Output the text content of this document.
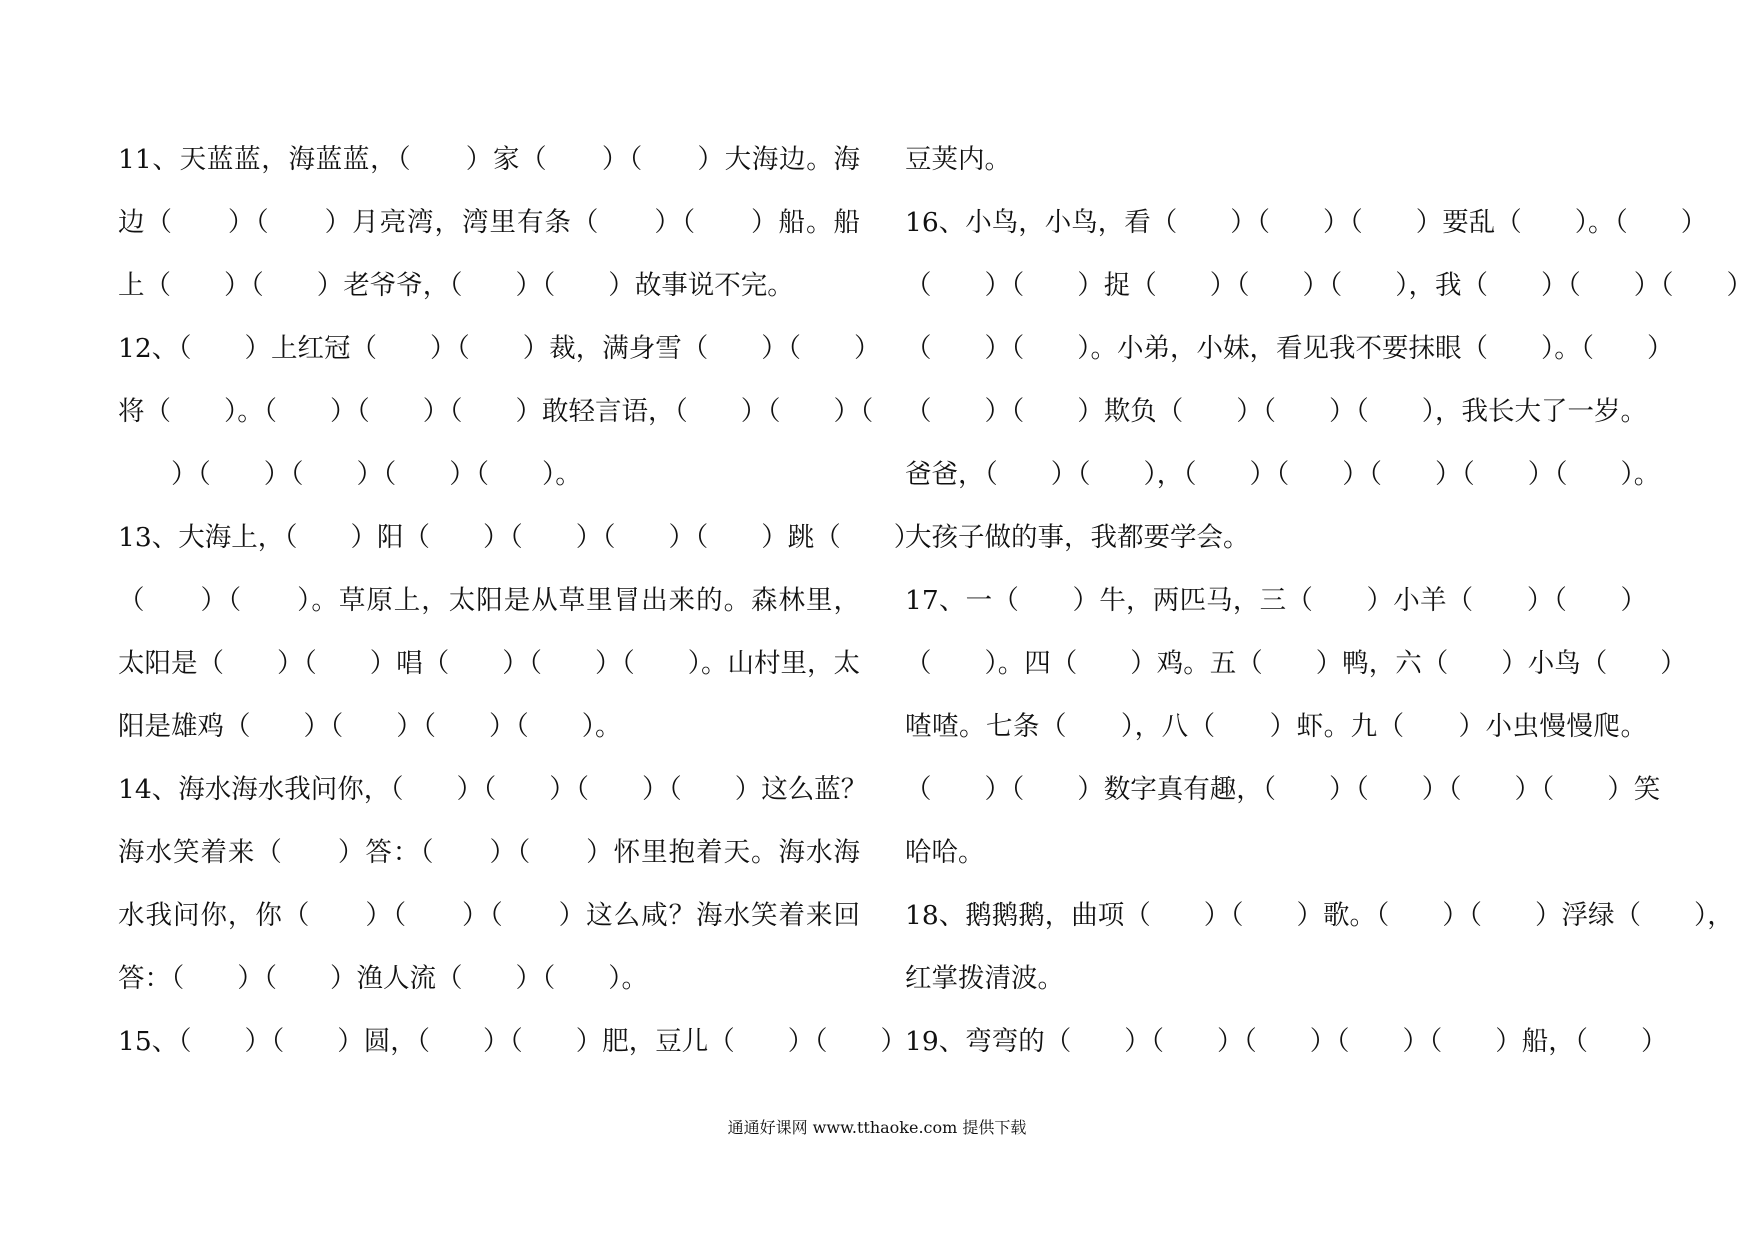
11、天蓝蓝，海蓝蓝，（　　）家（　　）（　　）大海边。海
边（　　）（　　）月亮湾，湾里有条（　　）（　　）船。船
上（　　）（　　）老爷爷，（　　）（　　）故事说不完。
12、（　　）上红冠（　　）（　　）裁，满身雪（　　）（　　）
将（　　）。（　　）（　　）（　　）敢轻言语，（　　）（　　）（
　　）（　　）（　　）（　　）（　　）。
13、大海上，（　　）阳（　　）（　　）（　　）（　　）跳（　　）
（　　）（　　）。草原上，太阳是从草里冒出来的。森林里，
太阳是（　　）（　　）唱（　　）（　　）（　　）。山村里，太
阳是雄鸡（　　）（　　）（　　）（　　）。
14、海水海水我问你，（　　）（　　）（　　）（　　）这么蓝？
海水笑着来（　　）答：（　　）（　　）怀里抱着天。海水海
水我问你，你（　　）（　　）（　　）这么咸？海水笑着来回
答：（　　）（　　）渔人流（　　）（　　）。
15、（　　）（　　）圆，（　　）（　　）肥，豆儿（　　）（　　）
豆荚内。
16、小鸟，小鸟，看（　　）（　　）（　　）要乱（　　）。（　　）
（　　）（　　）捉（　　）（　　）（　　），我（　　）（　　）（　　）
（　　）（　　）。小弟，小妹，看见我不要抹眼（　　）。（　　）
（　　）（　　）欺负（　　）（　　）（　　），我长大了一岁。
爸爸，（　　）（　　），（　　）（　　）（　　）（　　）（　　）。
大孩子做的事，我都要学会。
17、一（　　）牛，两匹马，三（　　）小羊（　　）（　　）
（　　）。四（　　）鸡。五（　　）鸭，六（　　）小鸟（　　）
喳喳。七条（　　），八（　　）虾。九（　　）小虫慢慢爬。
（　　）（　　）数字真有趣，（　　）（　　）（　　）（　　）笑
哈哈。
18、鹅鹅鹅，曲项（　　）（　　）歌。（　　）（　　）浮绿（　　），
红掌拨清波。
19、弯弯的（　　）（　　）（　　）（　　）（　　）船，（　　）
通通好课网 www.tthaoke.com 提供下载
